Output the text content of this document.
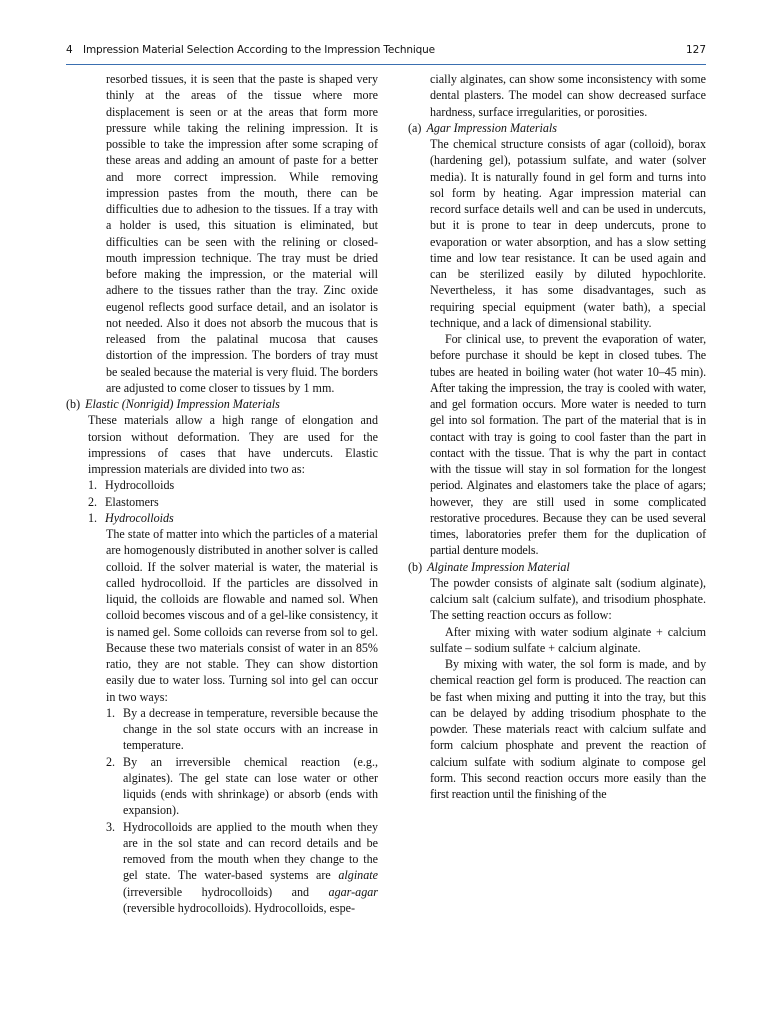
4 Impression Material Selection According to the Impression Technique	127

resorbed tissues, it is seen that the paste is shaped very thinly at the areas of the tissue where more displacement is seen or at the areas that form more pressure while taking the relining impression. It is possible to take the impression after some scraping of these areas and adding an amount of paste for a better and more correct impression. While removing impression pastes from the mouth, there can be difficulties due to adhesion to the tissues. If a tray with a holder is used, this situation is eliminated, but difficulties can be seen with the relining or closed-mouth impression technique. The tray must be dried before making the impression, or the material will adhere to the tissues rather than the tray. Zinc oxide eugenol reflects good surface detail, and an isolator is not needed. Also it does not absorb the mucous that is released from the palatinal mucosa that causes distortion of the impression. The borders of tray must be sealed because the material is very fluid. The borders are adjusted to come closer to tissues by 1 mm.

(b) Elastic (Nonrigid) Impression Materials

These materials allow a high range of elongation and torsion without deformation. They are used for the impressions of cases that have undercuts. Elastic impression materials are divided into two as:

1. Hydrocolloids
2. Elastomers
1. Hydrocolloids

The state of matter into which the particles of a material are homogenously distributed in another solver is called colloid. If the solver material is water, the material is called hydrocolloid. If the particles are dissolved in liquid, the colloids are flowable and named sol. When colloid becomes viscous and of a gel-like consistency, it is named gel. Some colloids can reverse from sol to gel. Because these two materials consist of water in an 85% ratio, they are not stable. They can show distortion easily due to water loss. Turning sol into gel can occur in two ways:

1. By a decrease in temperature, reversible because the change in the sol state occurs with an increase in temperature.
2. By an irreversible chemical reaction (e.g., alginates). The gel state can lose water or other liquids (ends with shrinkage) or absorb (ends with expansion).
3. Hydrocolloids are applied to the mouth when they are in the sol state and can record details and be removed from the mouth when they change to the gel state. The water-based systems are alginate (irreversible hydrocolloids) and agar-agar (reversible hydrocolloids). Hydrocolloids, espe-

cially alginates, can show some inconsistency with some dental plasters. The model can show decreased surface hardness, surface irregularities, or porosities.

(a) Agar Impression Materials

The chemical structure consists of agar (colloid), borax (hardening gel), potassium sulfate, and water (solver media). It is naturally found in gel form and turns into sol form by heating. Agar impression material can record surface details well and can be used in undercuts, but it is prone to tear in deep undercuts, prone to evaporation or water absorption, and has a slow setting time and low tear resistance. It can be used again and can be sterilized easily by diluted hypochlorite. Nevertheless, it has some disadvantages, such as requiring special equipment (water bath), a special technique, and a lack of dimensional stability.

For clinical use, to prevent the evaporation of water, before purchase it should be kept in closed tubes. The tubes are heated in boiling water (hot water 10–45 min). After taking the impression, the tray is cooled with water, and gel formation occurs. More water is needed to turn gel into sol formation. The part of the material that is in contact with tray is going to cool faster than the part in contact with the tissue. That is why the part in contact with the tissue will stay in sol formation for the longest period. Alginates and elastomers take the place of agars; however, they are still used in some complicated restorative procedures. Because they can be used several times, laboratories prefer them for the duplication of partial denture models.

(b) Alginate Impression Material

The powder consists of alginate salt (sodium alginate), calcium salt (calcium sulfate), and trisodium phosphate. The setting reaction occurs as follow:

After mixing with water sodium alginate + calcium sulfate – sodium sulfate + calcium alginate.

By mixing with water, the sol form is made, and by chemical reaction gel form is produced. The reaction can be fast when mixing and putting it into the tray, but this can be delayed by adding trisodium phosphate to the powder. These materials react with calcium sulfate and form calcium phosphate and prevent the reaction of calcium sulfate with sodium alginate to compose gel form. This second reaction occurs more easily than the first reaction until the finishing of the
